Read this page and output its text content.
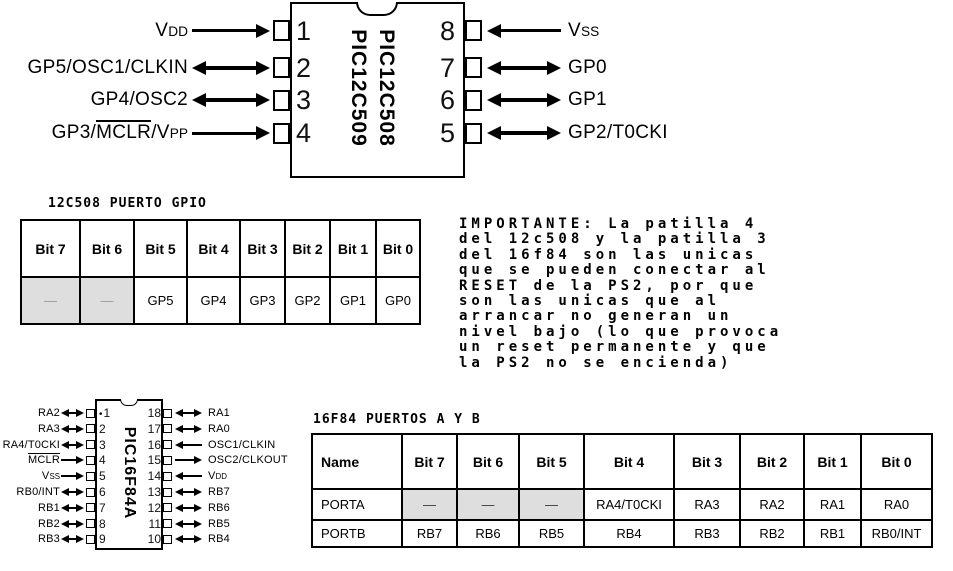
PIC12C508
PIC12C509
1
VDD
2
GP5/OSC1/CLKIN
3
GP4/OSC2
4
GP3/MCLR/VPP
8	VSS
7	GP0
6	GP1
5	GP2/T0CKI
12C508 PUERTO GPIO
Bit 7	Bit 6	Bit 5	Bit 4	Bit 3	Bit 2	Bit 1	Bit 0
—	—	GP5	GP4	GP3	GP2	GP1	GP0
IMPORTANTE: La patilla 4
del 12c508 y la patilla 3
del 16f84 son las unicas
que se pueden conectar al
RESET de la PS2, por que
son las unicas que al
arrancar no generan un
nivel bajo (lo que provoca
un reset permanente y que
la PS2 no se encienda)
PIC16F84A
•1
RA2
2
RA3
3
RA4/T0CKI
4
MCLR
5
VSS
6
RB0/INT
7
RB1
8
RB2
9
RB3
18	RA1
17	RA0
16	OSC1/CLKIN
15	OSC2/CLKOUT
14	VDD
13	RB7
12	RB6
11	RB5
10	RB4
16F84 PUERTOS A Y B
Name	Bit 7	Bit 6	Bit 5	Bit 4	Bit 3	Bit 2	Bit 1	Bit 0
PORTA	—	—	—	RA4/T0CKI	RA3	RA2	RA1	RA0
PORTB	RB7	RB6	RB5	RB4	RB3	RB2	RB1	RB0/INT
